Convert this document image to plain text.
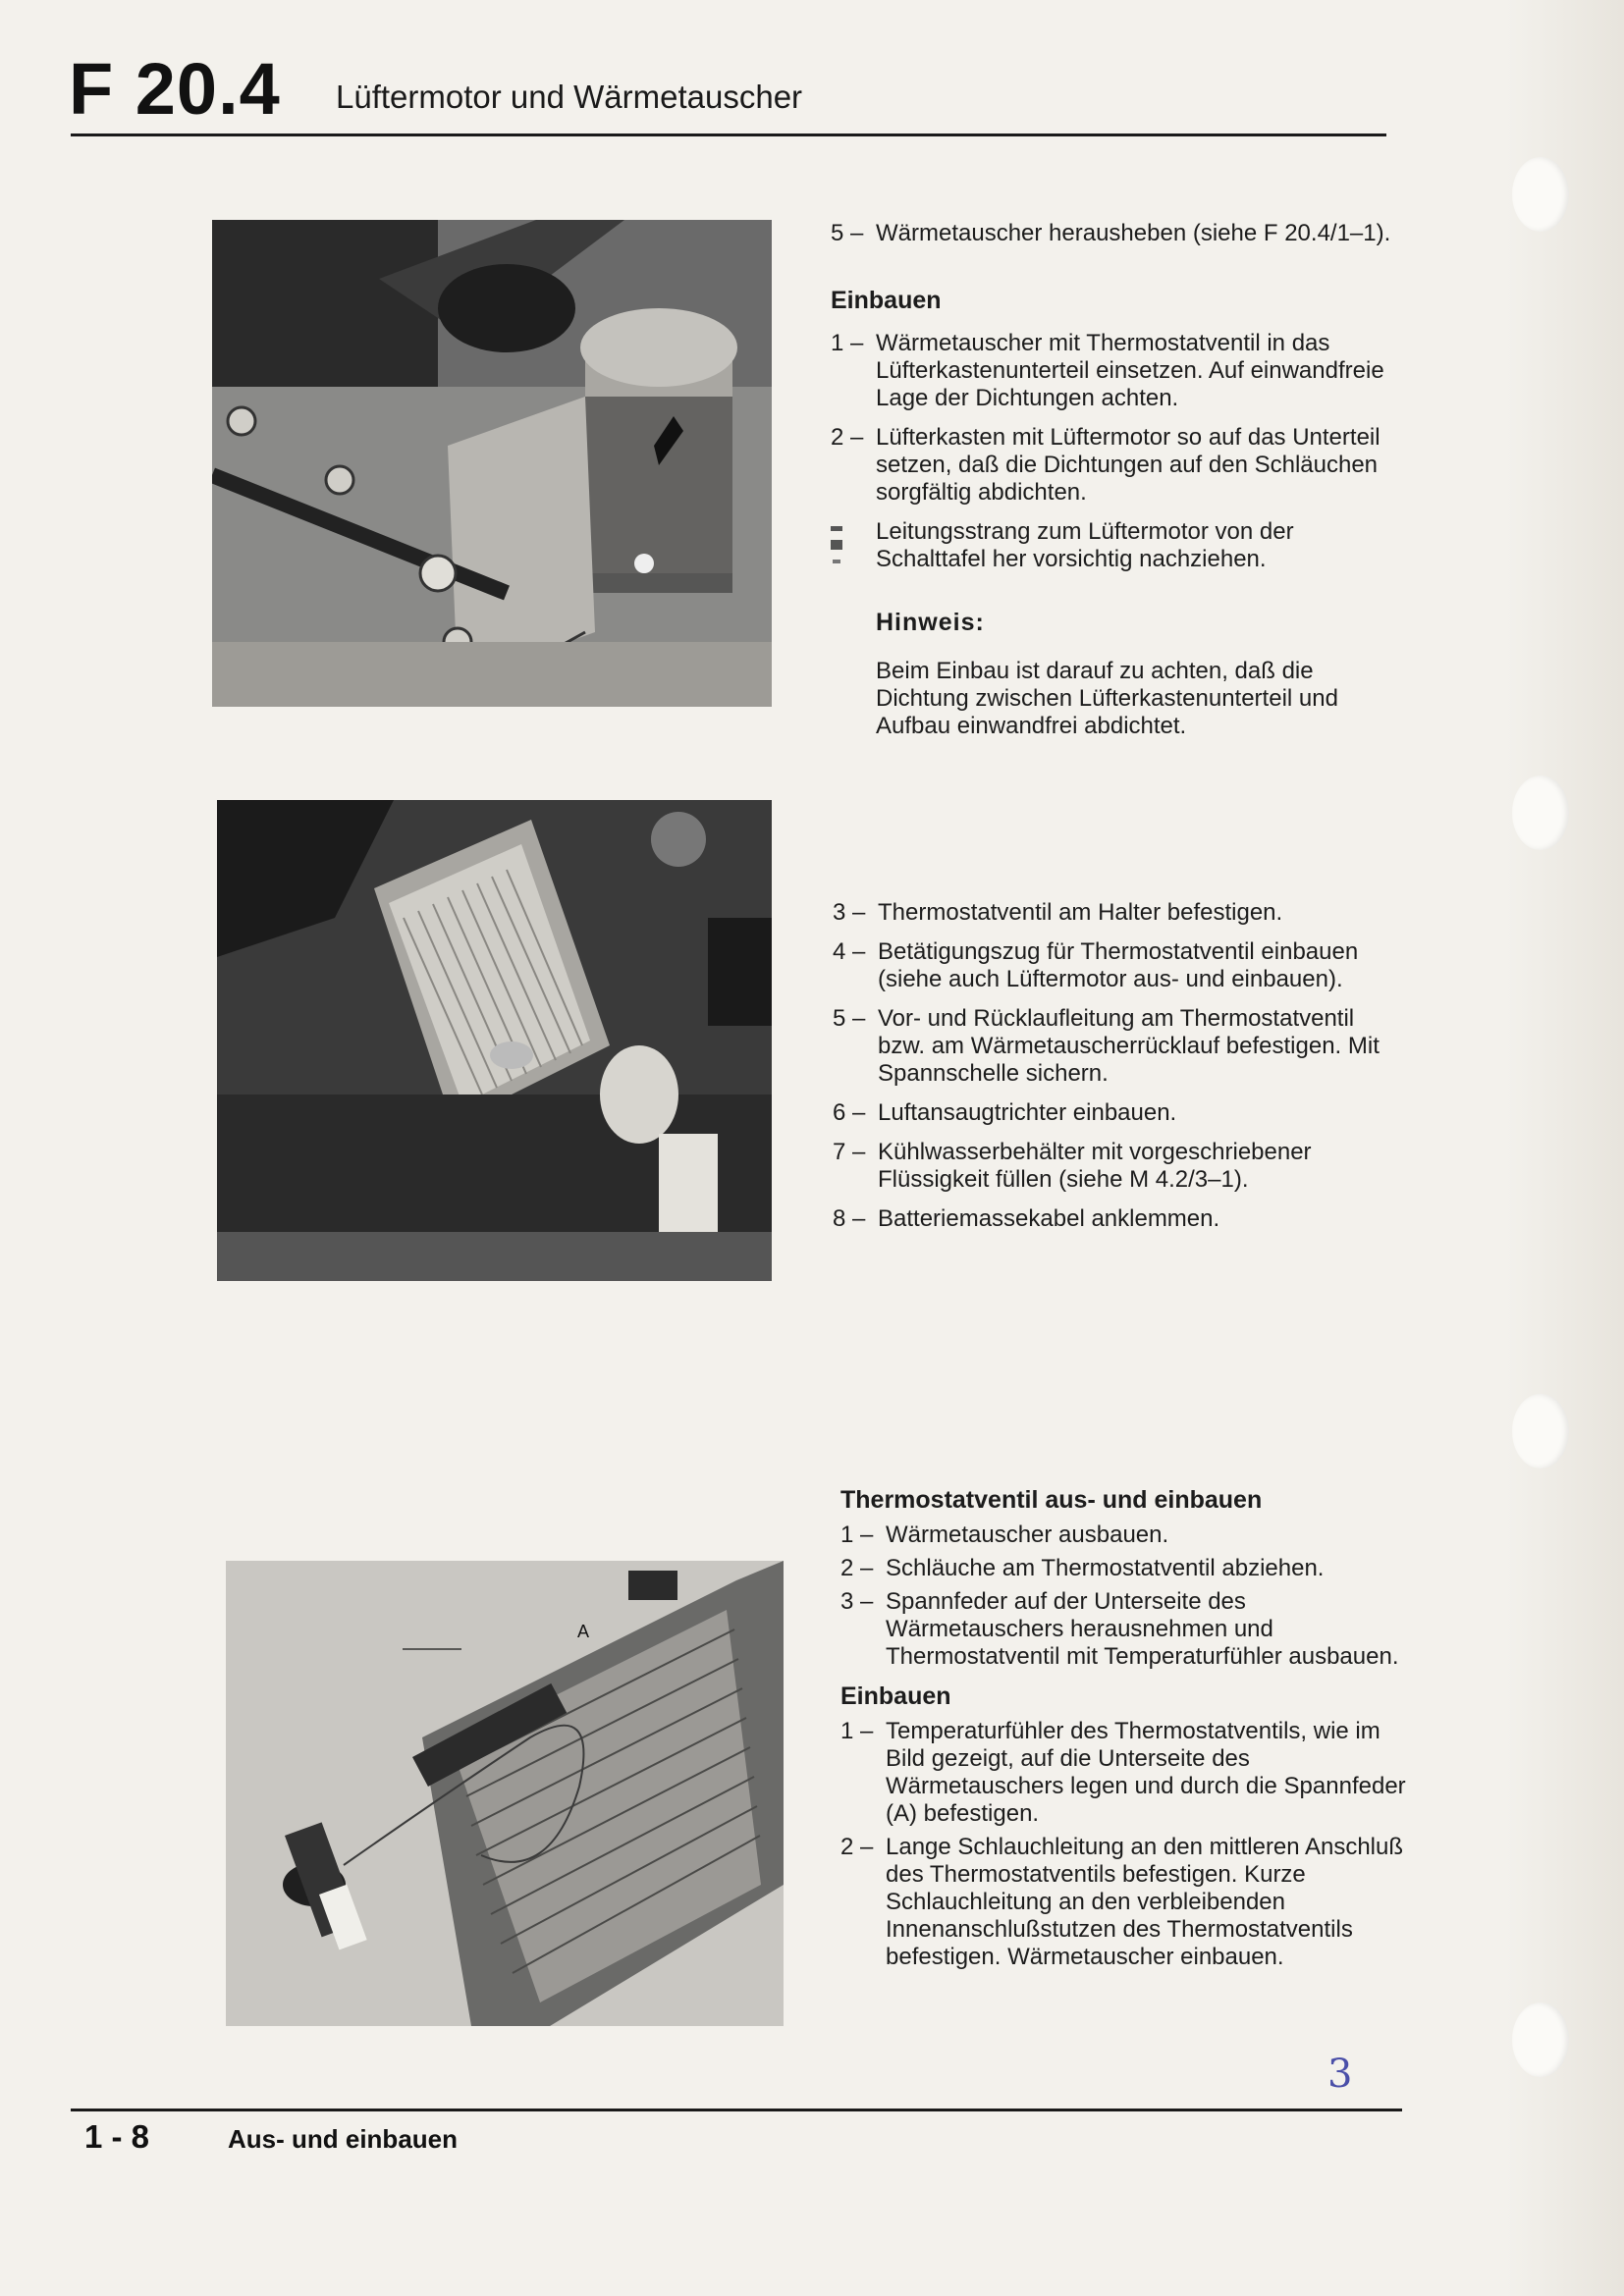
F 20.4 Lüftermotor und Wärmetauscher
A
5 – Wärmetauscher herausheben (siehe F 20.4/1–1).
Einbauen
1 – Wärmetauscher mit Thermostatventil in das Lüfterkastenunterteil einsetzen. Auf einwandfreie Lage der Dichtungen achten.
2 – Lüfterkasten mit Lüftermotor so auf das Unterteil setzen, daß die Dichtungen auf den Schläuchen sorgfältig abdichten.
Leitungsstrang zum Lüftermotor von der Schalttafel her vorsichtig nachziehen.
Hinweis:
Beim Einbau ist darauf zu achten, daß die Dichtung zwischen Lüfterkastenunterteil und Aufbau einwandfrei abdichtet.
3 – Thermostatventil am Halter befestigen.
4 – Betätigungszug für Thermostatventil einbauen (siehe auch Lüftermotor aus- und einbauen).
5 – Vor- und Rücklaufleitung am Thermostatventil bzw. am Wärmetauscherrücklauf befestigen. Mit Spannschelle sichern.
6 – Luftansaugtrichter einbauen.
7 – Kühlwasserbehälter mit vorgeschriebener Flüssigkeit füllen (siehe M 4.2/3–1).
8 – Batteriemassekabel anklemmen.
Thermostatventil aus- und einbauen
1 – Wärmetauscher ausbauen.
2 – Schläuche am Thermostatventil abziehen.
3 – Spannfeder auf der Unterseite des Wärmetauschers herausnehmen und Thermostatventil mit Temperaturfühler ausbauen.
Einbauen
1 – Temperaturfühler des Thermostatventils, wie im Bild gezeigt, auf die Unterseite des Wärmetauschers legen und durch die Spannfeder (A) befestigen.
2 – Lange Schlauchleitung an den mittleren Anschluß des Thermostatventils befestigen. Kurze Schlauchleitung an den verbleibenden Innenanschlußstutzen des Thermostatventils befestigen. Wärmetauscher einbauen.
3
1 - 8	Aus- und einbauen
